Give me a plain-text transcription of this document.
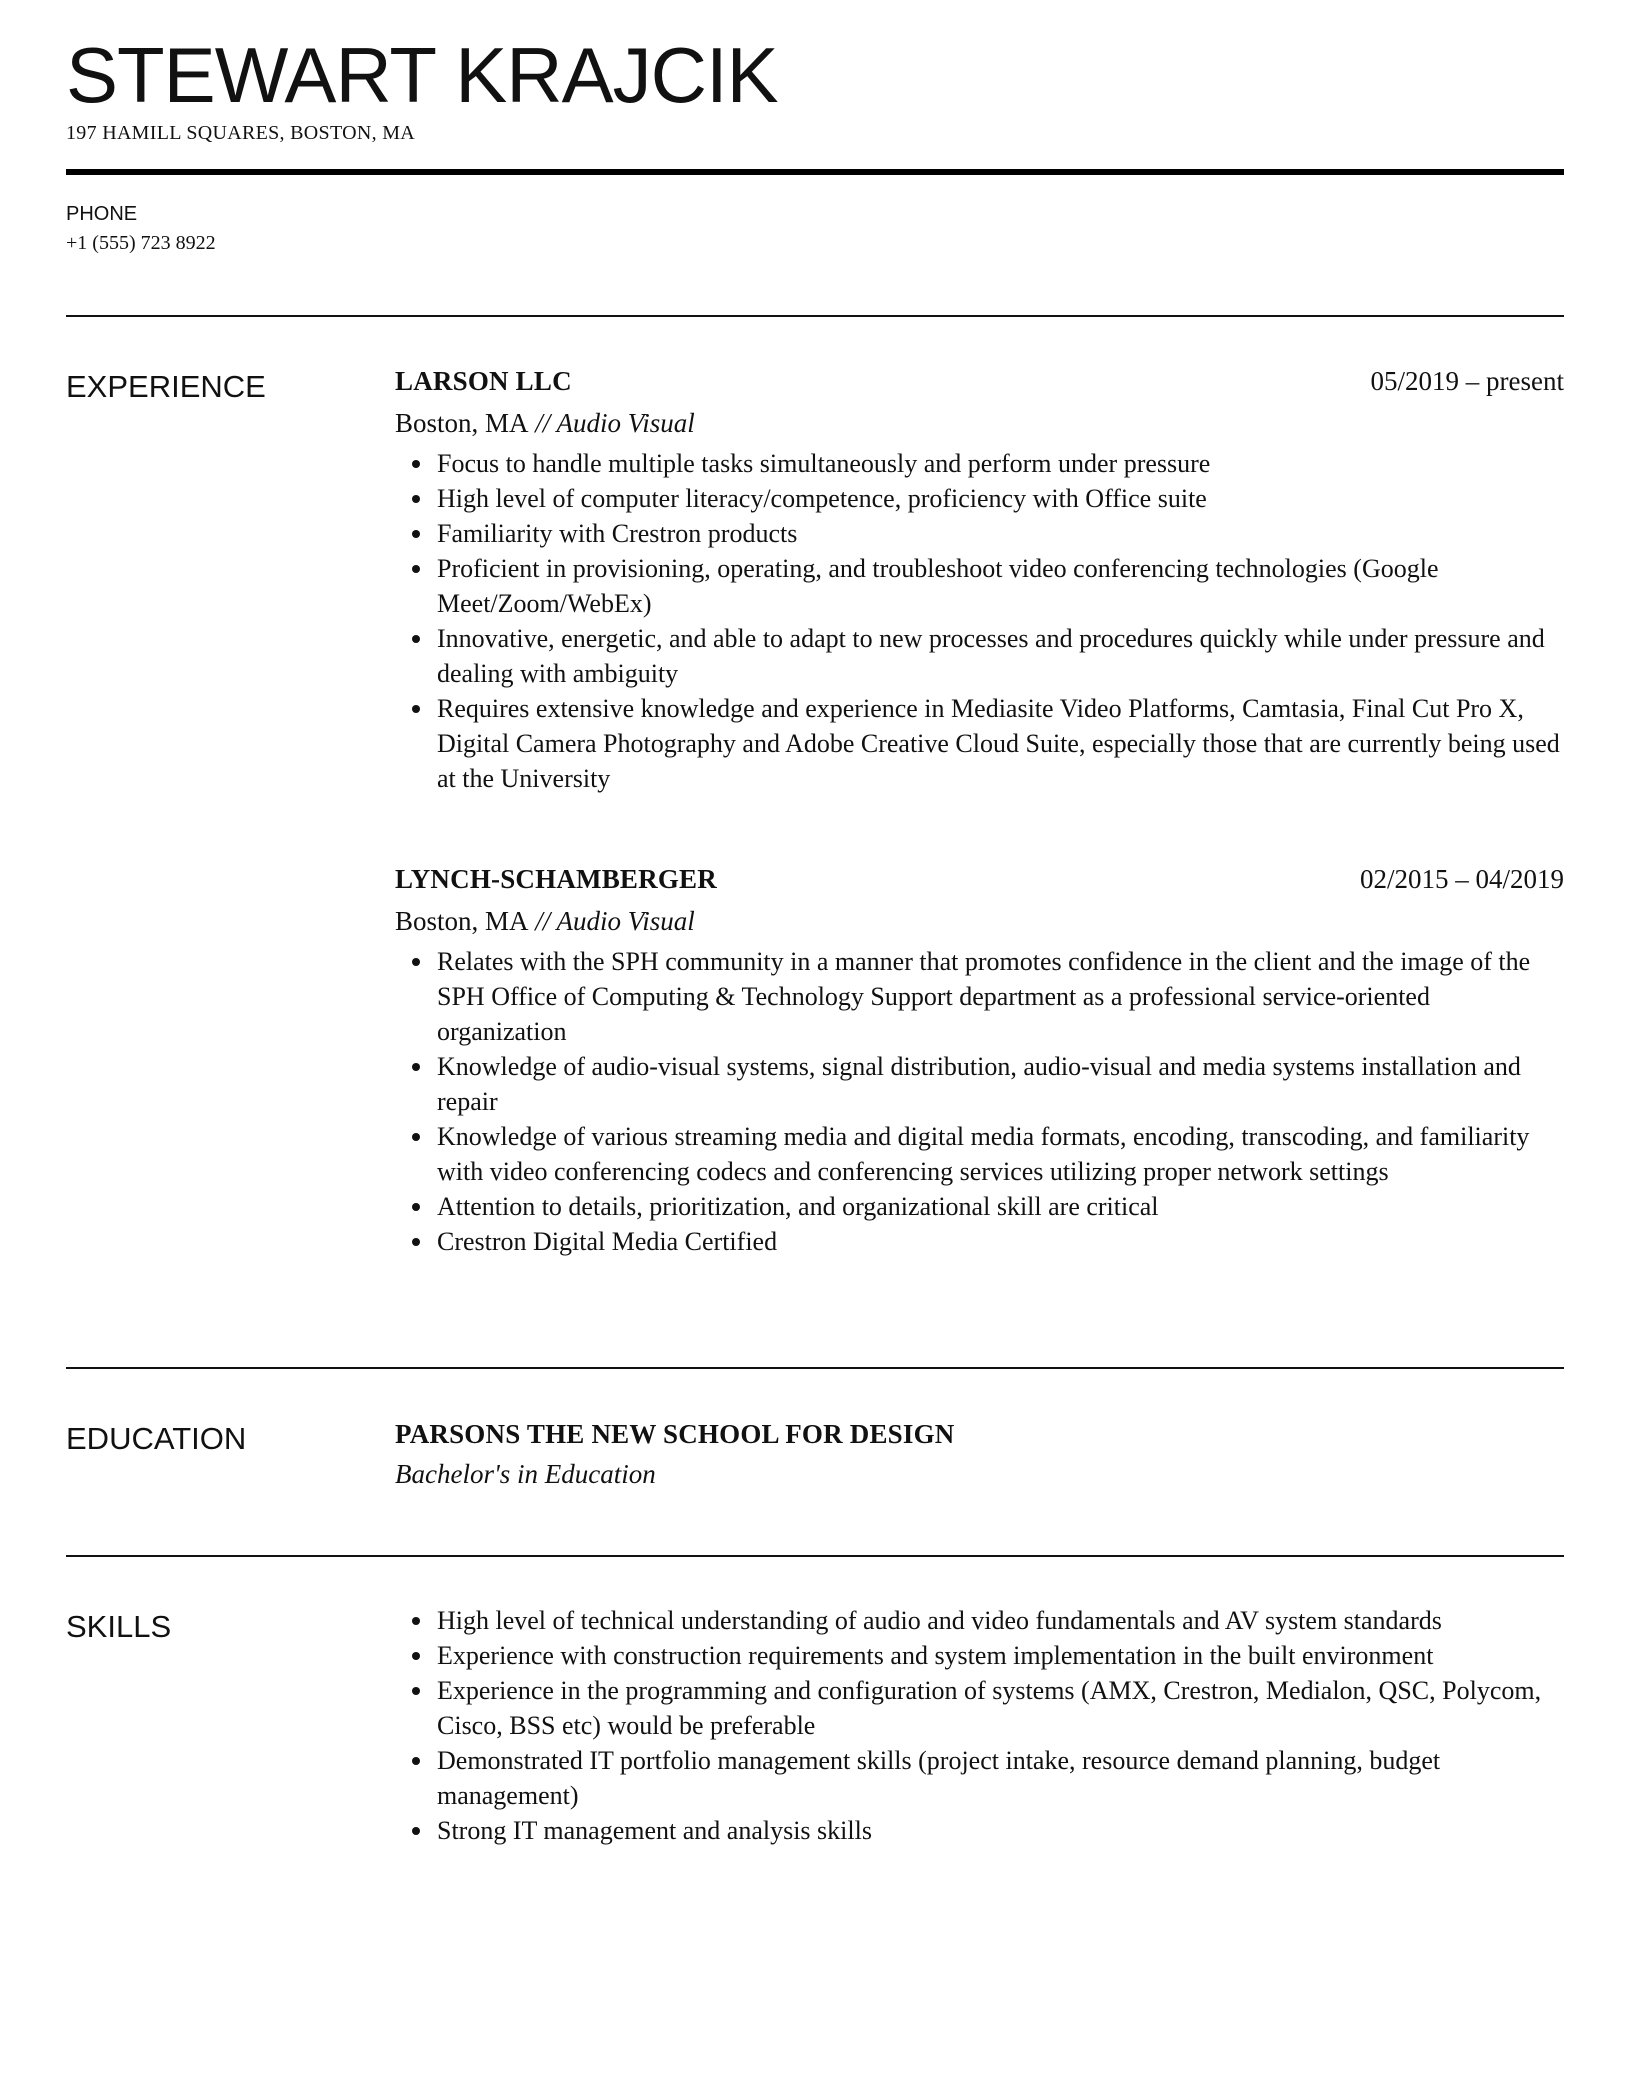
STEWART KRAJCIK
197 HAMILL SQUARES, BOSTON, MA
PHONE
+1 (555) 723 8922
EXPERIENCE	LARSON LLC	05/2019 – present
Boston, MA // Audio Visual
Focus to handle multiple tasks simultaneously and perform under pressure
High level of computer literacy/competence, proficiency with Office suite
Familiarity with Crestron products
Proficient in provisioning, operating, and troubleshoot video conferencing technologies (Google Meet/Zoom/WebEx)
Innovative, energetic, and able to adapt to new processes and procedures quickly while under pressure and dealing with ambiguity
Requires extensive knowledge and experience in Mediasite Video Platforms, Camtasia, Final Cut Pro X, Digital Camera Photography and Adobe Creative Cloud Suite, especially those that are currently being used at the University
LYNCH-SCHAMBERGER	02/2015 – 04/2019
Boston, MA // Audio Visual
Relates with the SPH community in a manner that promotes confidence in the client and the image of the SPH Office of Computing & Technology Support department as a professional service-oriented organization
Knowledge of audio-visual systems, signal distribution, audio-visual and media systems installation and repair
Knowledge of various streaming media and digital media formats, encoding, transcoding, and familiarity with video conferencing codecs and conferencing services utilizing proper network settings
Attention to details, prioritization, and organizational skill are critical
Crestron Digital Media Certified
EDUCATION	PARSONS THE NEW SCHOOL FOR DESIGN
Bachelor's in Education
SKILLS	High level of technical understanding of audio and video fundamentals and AV system standards
Experience with construction requirements and system implementation in the built environment
Experience in the programming and configuration of systems (AMX, Crestron, Medialon, QSC, Polycom, Cisco, BSS etc) would be preferable
Demonstrated IT portfolio management skills (project intake, resource demand planning, budget management)
Strong IT management and analysis skills
